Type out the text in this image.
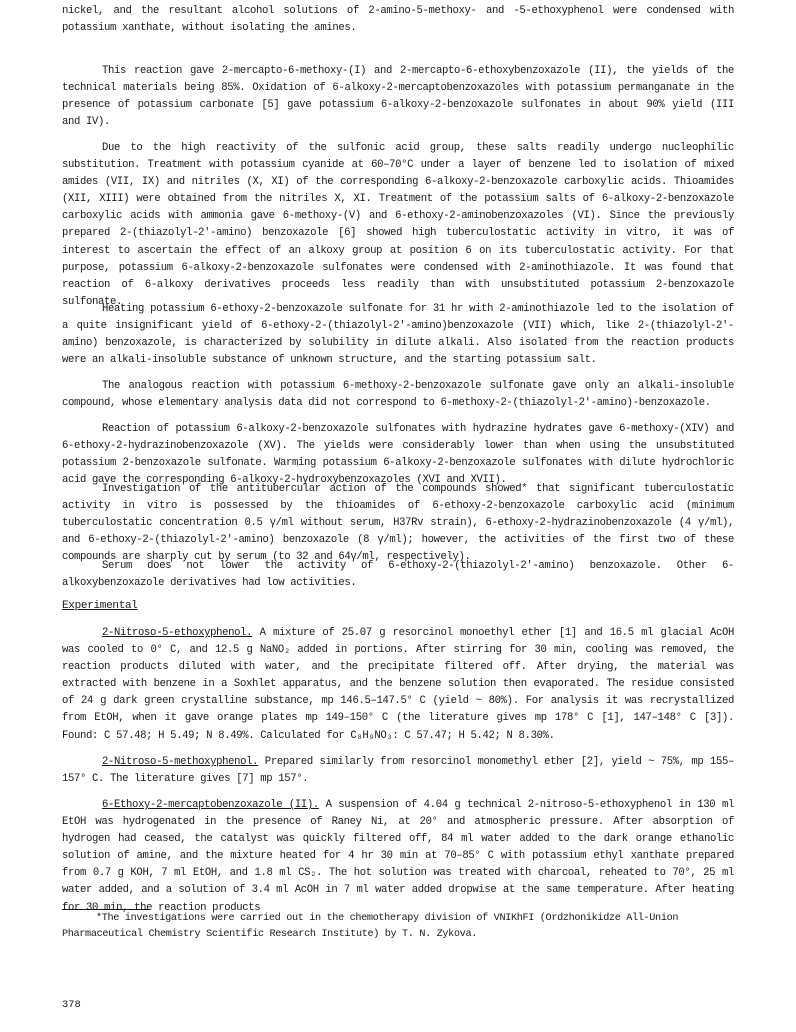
nickel, and the resultant alcohol solutions of 2-amino-5-methoxy- and -5-ethoxyphenol were condensed with potassium xanthate, without isolating the amines.

This reaction gave 2-mercapto-6-methoxy-(I) and 2-mercapto-6-ethoxybenzoxazole (II), the yields of the technical materials being 85%. Oxidation of 6-alkoxy-2-mercaptobenzoxazoles with potassium permanganate in the presence of potassium carbonate [5] gave potassium 6-alkoxy-2-benzoxazole sulfonates in about 90% yield (III and IV).

Due to the high reactivity of the sulfonic acid group, these salts readily undergo nucleophilic substitution. Treatment with potassium cyanide at 60–70°C under a layer of benzene led to isolation of mixed amides (VII, IX) and nitriles (X, XI) of the corresponding 6-alkoxy-2-benzoxazole carboxylic acids. Thioamides (XII, XIII) were obtained from the nitriles X, XI. Treatment of the potassium salts of 6-alkoxy-2-benzoxazole carboxylic acids with ammonia gave 6-methoxy-(V) and 6-ethoxy-2-aminobenzoxazoles (VI). Since the previously prepared 2-(thiazolyl-2'-amino) benzoxazole [6] showed high tuberculostatic activity in vitro, it was of interest to ascertain the effect of an alkoxy group at position 6 on its tuberculostatic activity. For that purpose, potassium 6-alkoxy-2-benzoxazole sulfonates were condensed with 2-aminothiazole. It was found that reaction of 6-alkoxy derivatives proceeds less readily than with unsubstituted potassium 2-benzoxazole sulfonate.

Heating potassium 6-ethoxy-2-benzoxazole sulfonate for 31 hr with 2-aminothiazole led to the isolation of a quite insignificant yield of 6-ethoxy-2-(thiazolyl-2'-amino)benzoxazole (VII) which, like 2-(thiazolyl-2'-amino) benzoxazole, is characterized by solubility in dilute alkali. Also isolated from the reaction products were an alkali-insoluble substance of unknown structure, and the starting potassium salt.

The analogous reaction with potassium 6-methoxy-2-benzoxazole sulfonate gave only an alkali-insoluble compound, whose elementary analysis data did not correspond to 6-methoxy-2-(thiazolyl-2'-amino)-benzoxazole.

Reaction of potassium 6-alkoxy-2-benzoxazole sulfonates with hydrazine hydrates gave 6-methoxy-(XIV) and 6-ethoxy-2-hydrazinobenzoxazole (XV). The yields were considerably lower than when using the unsubstituted potassium 2-benzoxazole sulfonate. Warming potassium 6-alkoxy-2-benzoxazole sulfonates with dilute hydrochloric acid gave the corresponding 6-alkoxy-2-hydroxybenzoxazoles (XVI and XVII).

Investigation of the antitubercular action of the compounds showed* that significant tuberculostatic activity in vitro is possessed by the thioamides of 6-ethoxy-2-benzoxazole carboxylic acid (minimum tuberculostatic concentration 0.5 γ/ml without serum, H37Rv strain), 6-ethoxy-2-hydrazinobenzoxazole (4 γ/ml), and 6-ethoxy-2-(thiazolyl-2'-amino) benzoxazole (8 γ/ml); however, the activities of the first two of these compounds are sharply cut by serum (to 32 and 64γ/ml, respectively).

Serum does not lower the activity of 6-ethoxy-2-(thiazolyl-2'-amino) benzoxazole. Other 6-alkoxybenzoxazole derivatives had low activities.

Experimental

2-Nitroso-5-ethoxyphenol. A mixture of 25.07 g resorcinol monoethyl ether [1] and 16.5 ml glacial AcOH was cooled to 0° C, and 12.5 g NaNO₂ added in portions. After stirring for 30 min, cooling was removed, the reaction products diluted with water, and the precipitate filtered off. After drying, the material was extracted with benzene in a Soxhlet apparatus, and the benzene solution then evaporated. The residue consisted of 24 g dark green crystalline substance, mp 146.5–147.5° C (yield ~ 80%). For analysis it was recrystallized from EtOH, when it gave orange plates mp 149–150° C (the literature gives mp 178° C [1], 147–148° C [3]). Found: C 57.48; H 5.49; N 8.49%. Calculated for C₈H₉NO₃: C 57.47; H 5.42; N 8.30%.

2-Nitroso-5-methoxyphenol. Prepared similarly from resorcinol monomethyl ether [2], yield ~ 75%, mp 155–157° C. The literature gives [7] mp 157°.

6-Ethoxy-2-mercaptobenzoxazole (II). A suspension of 4.04 g technical 2-nitroso-5-ethoxyphenol in 130 ml EtOH was hydrogenated in the presence of Raney Ni, at 20° and atmospheric pressure. After absorption of hydrogen had ceased, the catalyst was quickly filtered off, 84 ml water added to the dark orange ethanolic solution of amine, and the mixture heated for 4 hr 30 min at 70–85° C with potassium ethyl xanthate prepared from 0.7 g KOH, 7 ml EtOH, and 1.8 ml CS₂. The hot solution was treated with charcoal, reheated to 70°, 25 ml water added, and a solution of 3.4 ml AcOH in 7 ml water added dropwise at the same temperature. After heating for 30 min, the reaction products

*The investigations were carried out in the chemotherapy division of VNIKhFI (Ordzhonikidze All-Union Pharmaceutical Chemistry Scientific Research Institute) by T. N. Zykova.

378
